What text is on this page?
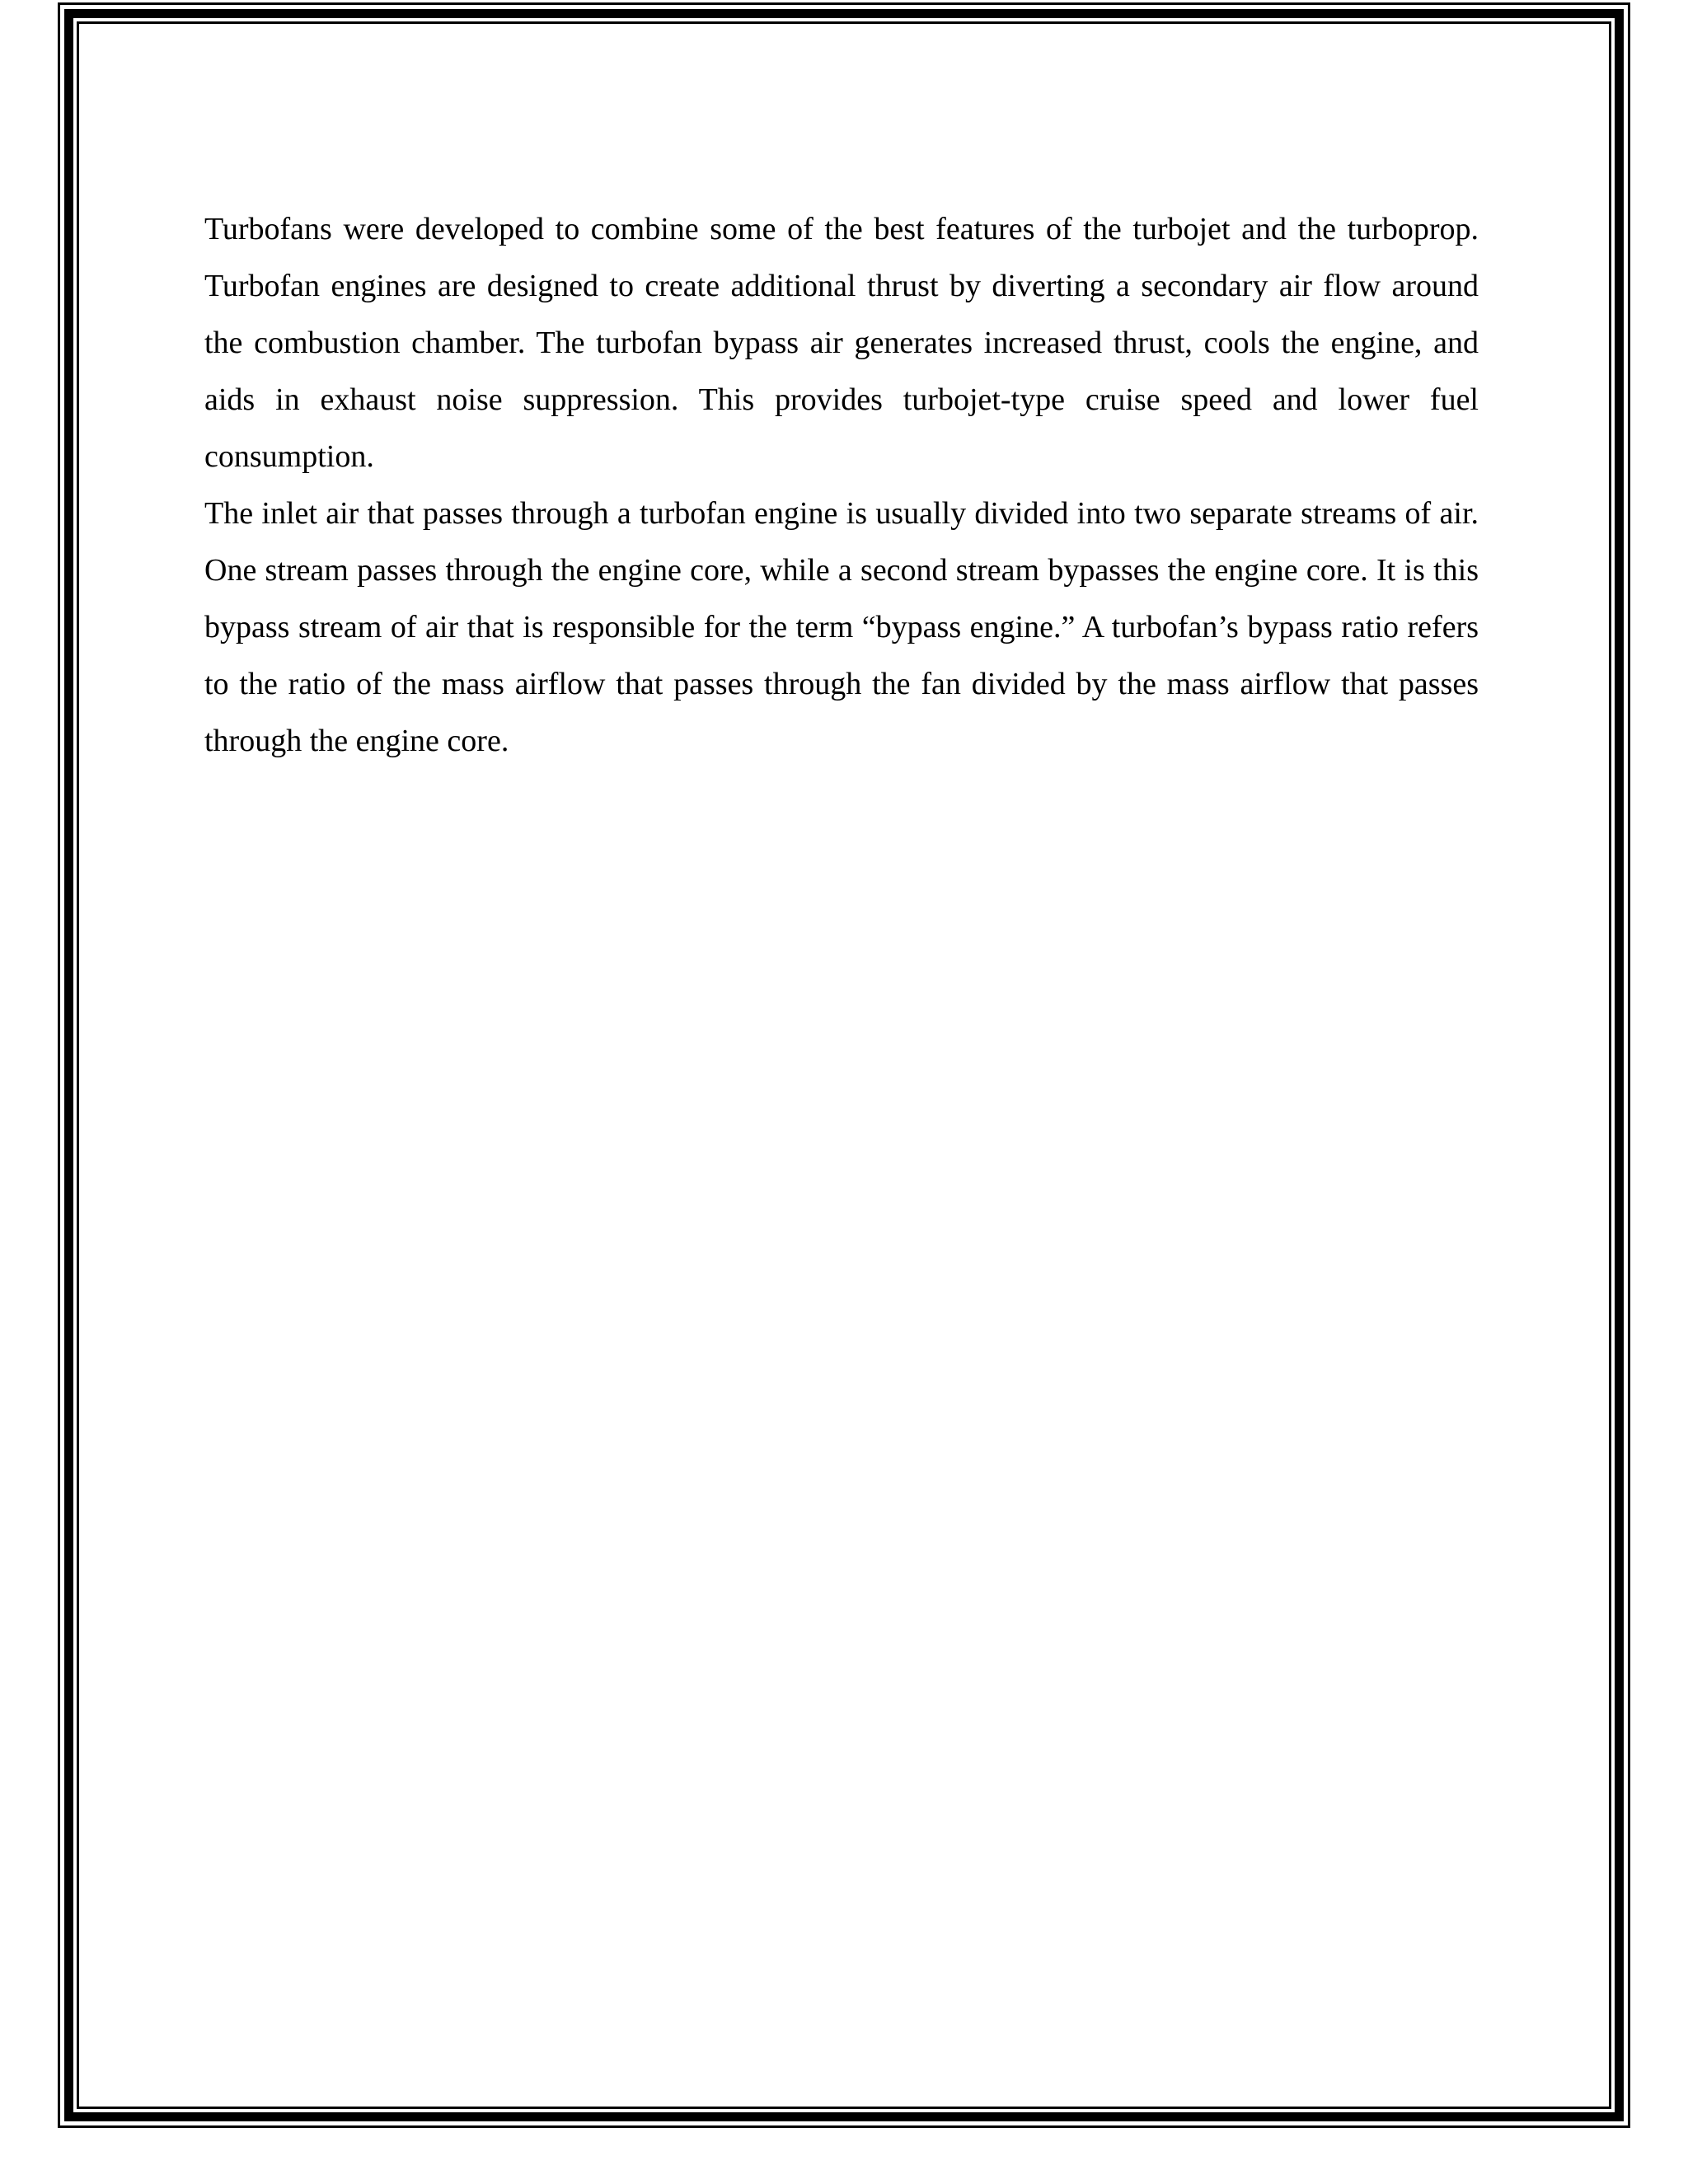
Turbofans were developed to combine some of the best features of the turbojet and the turboprop. Turbofan engines are designed to create additional thrust by diverting a secondary air flow around the combustion chamber. The turbofan bypass air generates increased thrust, cools the engine, and aids in exhaust noise suppression. This provides turbojet-type cruise speed and lower fuel consumption.

The inlet air that passes through a turbofan engine is usually divided into two separate streams of air. One stream passes through the engine core, while a second stream bypasses the engine core. It is this bypass stream of air that is responsible for the term “bypass engine.” A turbofan’s bypass ratio refers to the ratio of the mass airflow that passes through the fan divided by the mass airflow that passes through the engine core.
